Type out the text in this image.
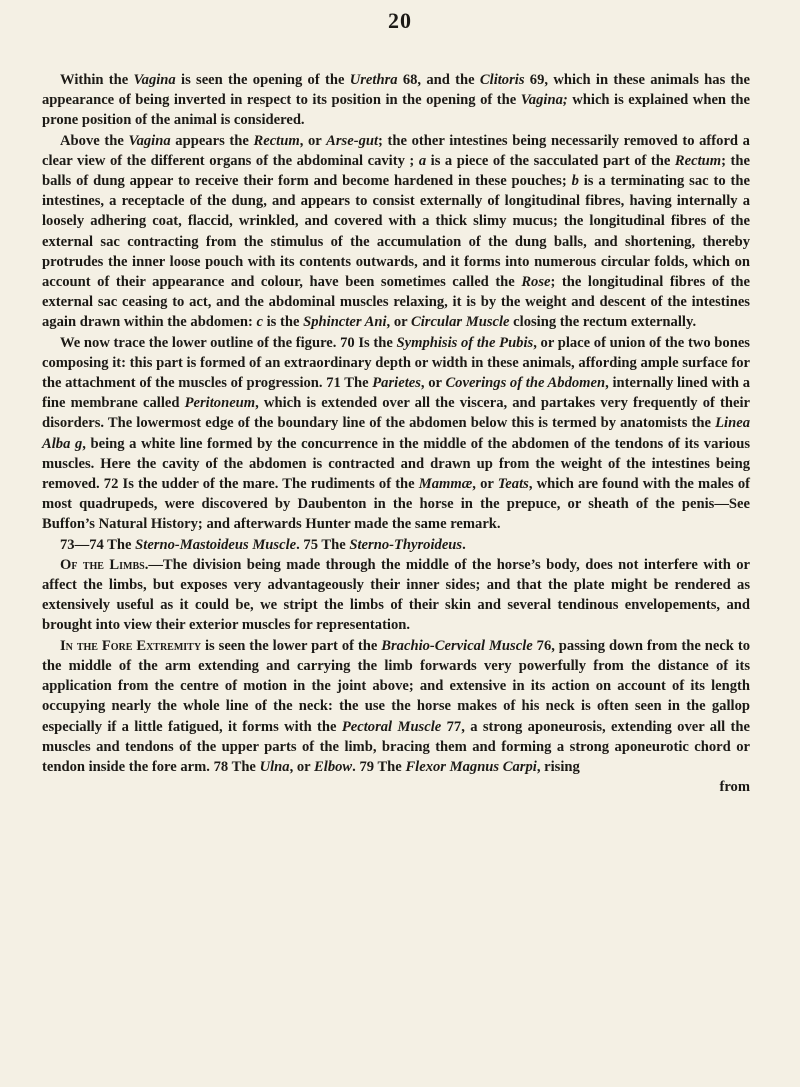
20

Within the Vagina is seen the opening of the Urethra 68, and the Clitoris 69, which in these animals has the appearance of being inverted in respect to its position in the opening of the Vagina; which is explained when the prone position of the animal is considered.

Above the Vagina appears the Rectum, or Arse-gut; the other intestines being necessarily removed to afford a clear view of the different organs of the abdominal cavity ; a is a piece of the sacculated part of the Rectum; the balls of dung appear to receive their form and become hardened in these pouches; b is a terminating sac to the intestines, a receptacle of the dung, and appears to consist externally of longitudinal fibres, having internally a loosely adhering coat, flaccid, wrinkled, and covered with a thick slimy mucus; the longitudinal fibres of the external sac contracting from the stimulus of the accumulation of the dung balls, and shortening, thereby protrudes the inner loose pouch with its contents outwards, and it forms into numerous circular folds, which on account of their appearance and colour, have been sometimes called the Rose; the longitudinal fibres of the external sac ceasing to act, and the abdominal muscles relaxing, it is by the weight and descent of the intestines again drawn within the abdomen: c is the Sphincter Ani, or Circular Muscle closing the rectum externally.

We now trace the lower outline of the figure. 70 Is the Symphisis of the Pubis, or place of union of the two bones composing it: this part is formed of an extraordinary depth or width in these animals, affording ample surface for the attachment of the muscles of progression. 71 The Parietes, or Coverings of the Abdomen, internally lined with a fine membrane called Peritoneum, which is extended over all the viscera, and partakes very frequently of their disorders. The lowermost edge of the boundary line of the abdomen below this is termed by anatomists the Linea Alba g, being a white line formed by the concurrence in the middle of the abdomen of the tendons of its various muscles. Here the cavity of the abdomen is contracted and drawn up from the weight of the intestines being removed. 72 Is the udder of the mare. The rudiments of the Mammæ, or Teats, which are found with the males of most quadrupeds, were discovered by Daubenton in the horse in the prepuce, or sheath of the penis—See Buffon’s Natural History; and afterwards Hunter made the same remark.

73—74 The Sterno-Mastoideus Muscle. 75 The Sterno-Thyroideus.

Of the Limbs.—The division being made through the middle of the horse’s body, does not interfere with or affect the limbs, but exposes very advantageously their inner sides; and that the plate might be rendered as extensively useful as it could be, we stript the limbs of their skin and several tendinous envelopements, and brought into view their exterior muscles for representation.

In the Fore Extremity is seen the lower part of the Brachio-Cervical Muscle 76, passing down from the neck to the middle of the arm extending and carrying the limb forwards very powerfully from the distance of its application from the centre of motion in the joint above; and extensive in its action on account of its length occupying nearly the whole line of the neck: the use the horse makes of his neck is often seen in the gallop especially if a little fatigued, it forms with the Pectoral Muscle 77, a strong aponeurosis, extending over all the muscles and tendons of the upper parts of the limb, bracing them and forming a strong aponeurotic chord or tendon inside the fore arm. 78 The Ulna, or Elbow. 79 The Flexor Magnus Carpi, rising

from
